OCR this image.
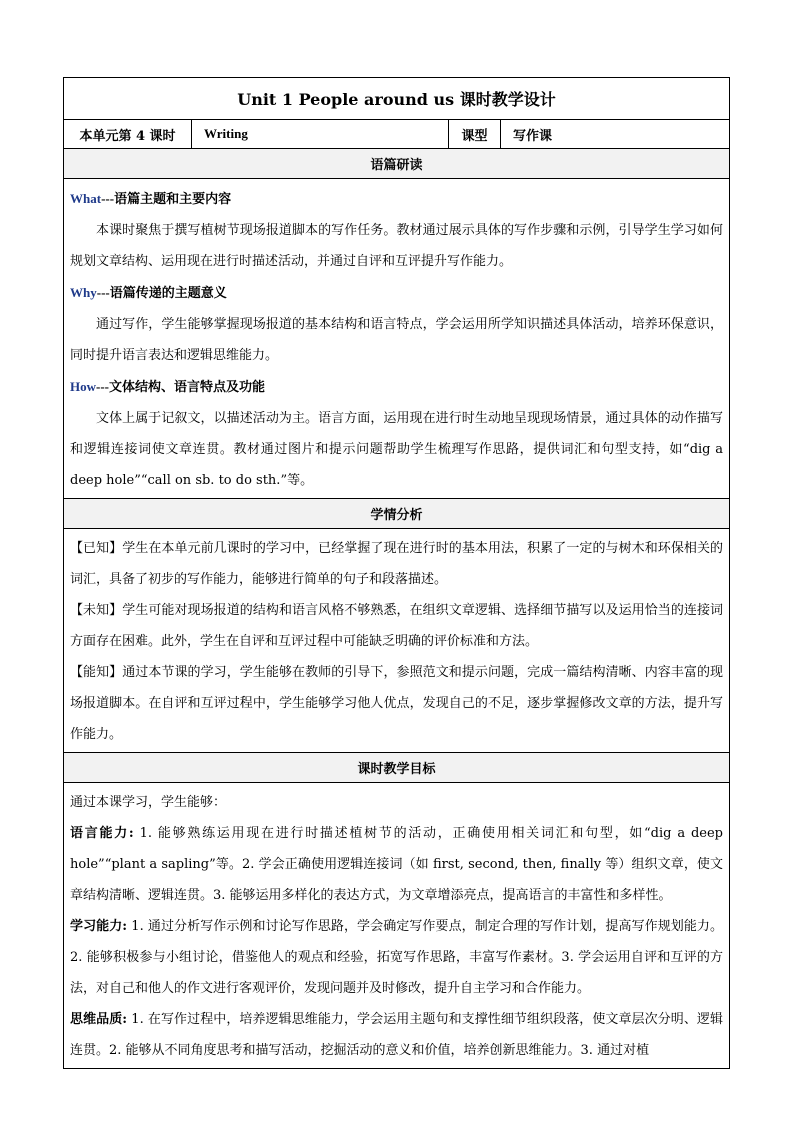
Unit 1 People around us 课时教学设计
本单元第 4 课时	Writing	课型	写作课
语篇研读

What---语篇主题和主要内容

本课时聚焦于撰写植树节现场报道脚本的写作任务。教材通过展示具体的写作步骤和示例，引导学生学习如何规划文章结构、运用现在进行时描述活动，并通过自评和互评提升写作能力。

Why---语篇传递的主题意义

通过写作，学生能够掌握现场报道的基本结构和语言特点，学会运用所学知识描述具体活动，培养环保意识，同时提升语言表达和逻辑思维能力。

How---文体结构、语言特点及功能

文体上属于记叙文，以描述活动为主。语言方面，运用现在进行时生动地呈现现场情景，通过具体的动作描写和逻辑连接词使文章连贯。教材通过图片和提示问题帮助学生梳理写作思路，提供词汇和句型支持，如“dig a deep hole”“call on sb. to do sth.”等。

学情分析

【已知】学生在本单元前几课时的学习中，已经掌握了现在进行时的基本用法，积累了一定的与树木和环保相关的词汇，具备了初步的写作能力，能够进行简单的句子和段落描述。

【未知】学生可能对现场报道的结构和语言风格不够熟悉，在组织文章逻辑、选择细节描写以及运用恰当的连接词方面存在困难。此外，学生在自评和互评过程中可能缺乏明确的评价标准和方法。

【能知】通过本节课的学习，学生能够在教师的引导下，参照范文和提示问题，完成一篇结构清晰、内容丰富的现场报道脚本。在自评和互评过程中，学生能够学习他人优点，发现自己的不足，逐步掌握修改文章的方法，提升写作能力。

课时教学目标

通过本课学习，学生能够：

语言能力: 1. 能够熟练运用现在进行时描述植树节的活动，正确使用相关词汇和句型，如“dig a deep hole”“plant a sapling”等。2. 学会正确使用逻辑连接词（如 first, second, then, finally 等）组织文章，使文章结构清晰、逻辑连贯。3. 能够运用多样化的表达方式，为文章增添亮点，提高语言的丰富性和多样性。

学习能力: 1. 通过分析写作示例和讨论写作思路，学会确定写作要点，制定合理的写作计划，提高写作规划能力。2. 能够积极参与小组讨论，借鉴他人的观点和经验，拓宽写作思路，丰富写作素材。3. 学会运用自评和互评的方法，对自己和他人的作文进行客观评价，发现问题并及时修改，提升自主学习和合作能力。

思维品质: 1. 在写作过程中，培养逻辑思维能力，学会运用主题句和支撑性细节组织段落，使文章层次分明、逻辑连贯。2. 能够从不同角度思考和描写活动，挖掘活动的意义和价值，培养创新思维能力。3. 通过对植
